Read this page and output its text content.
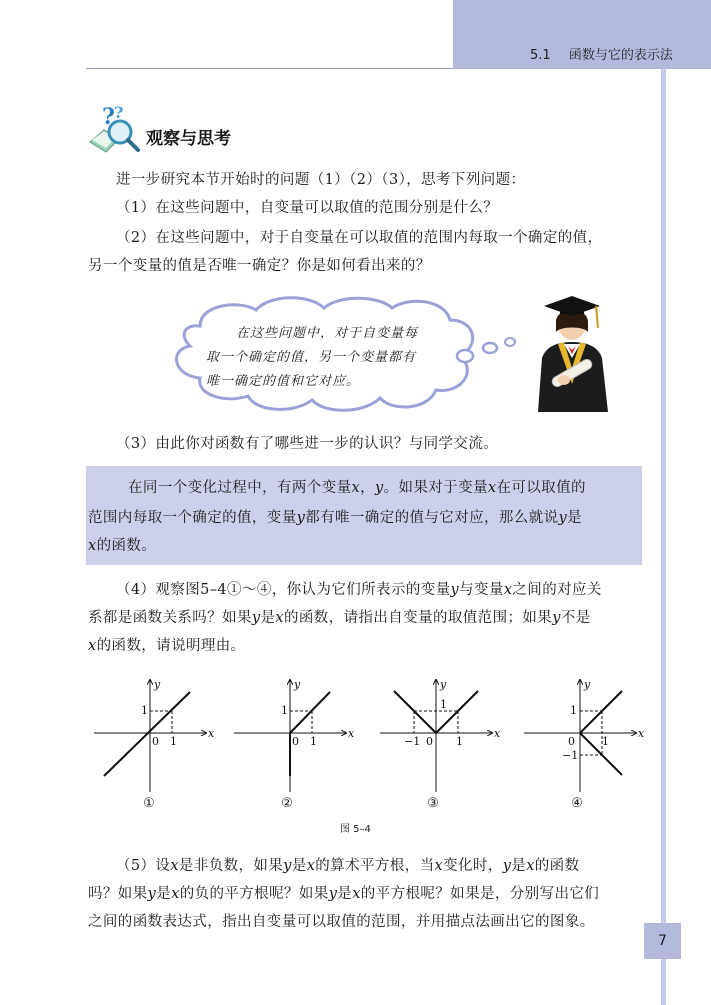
5.1 函数与它的表示法
? ?
观察与思考
进一步研究本节开始时的问题（1）（2）（3），思考下列问题：
（1）在这些问题中，自变量可以取值的范围分别是什么？
（2）在这些问题中，对于自变量在可以取值的范围内每取一个确定的值，
另一个变量的值是否唯一确定？你是如何看出来的？
在这些问题中，对于自变量每
取一个确定的值，另一个变量都有
唯一确定的值和它对应。
（3）由此你对函数有了哪些进一步的认识？与同学交流。
在同一个变化过程中，有两个变量x，y。如果对于变量x在可以取值的
范围内每取一个确定的值，变量y都有唯一确定的值与它对应，那么就说y是
x的函数。
（4）观察图5–4①～④，你认为它们所表示的变量y与变量x之间的对应关
系都是函数关系吗？如果y是x的函数，请指出自变量的取值范围；如果y不是
x的函数，请说明理由。
x
y
1
1
0
x
y
1
1
0
x
y
1
1
−1 0
x
y
1
1
0
−1
①	②	③	④
图 5–4
（5）设x是非负数，如果y是x的算术平方根，当x变化时，y是x的函数
吗？如果y是x的负的平方根呢？如果y是x的平方根呢？如果是，分别写出它们
之间的函数表达式，指出自变量可以取值的范围，并用描点法画出它的图象。
7
